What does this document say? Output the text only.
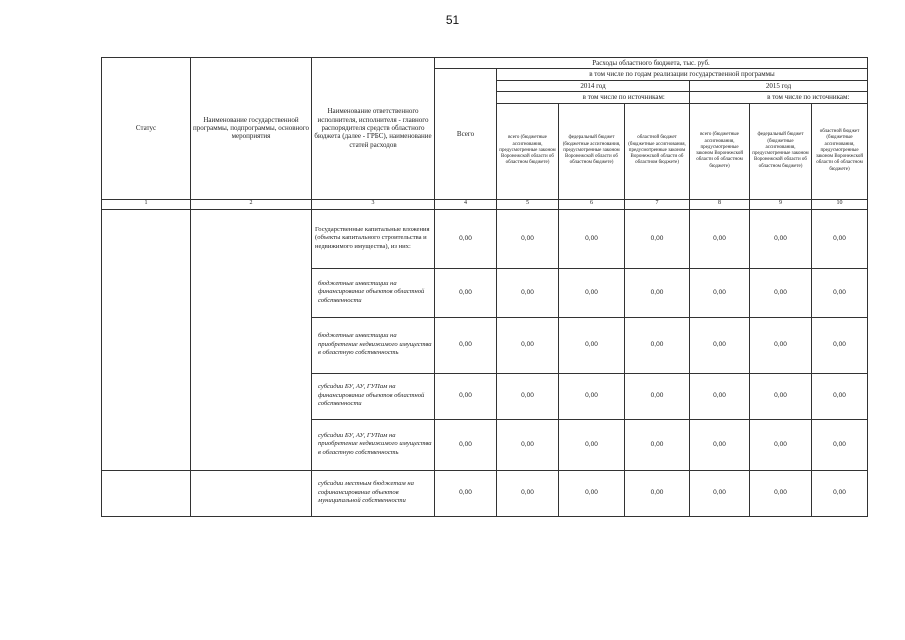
51
Статус	Наименование государственной программы, подпрограммы, основного мероприятия	Наименование ответственного исполнителя, исполнителя - главного распорядителя средств областного бюджета (далее - ГРБС), наименование статей расходов	Расходы областного бюджета, тыс. руб.						
			Всего	в том числе по годам реализации государственной программы					
				2014 год			2015 год		
					в том числе по источникам:			в том числе по источникам:	
				всего (бюджетные ассигнования, предусмотренные законом Воронежской области об областном бюджете)	федеральный бюджет (бюджетные ассигнования, предусмотренные законом Воронежской области об областном бюджете)	областной бюджет (бюджетные ассигнования, предусмотренные законом Воронежской области об областном бюджете)	всего (бюджетные ассигнования, предусмотренные законом Воронежской области об областном бюджете)	федеральный бюджет (бюджетные ассигнования, предусмотренные законом Воронежской области об областном бюджете)	областной бюджет (бюджетные ассигнования, предусмотренные законом Воронежской области об областном бюджете)
1	2	3	4	5	6	7	8	9	10
		Государственные капитальные вложения (объекты капитального строительства и недвижимого имущества), из них:	0,00	0,00	0,00	0,00	0,00	0,00	0,00
		бюджетные инвестиции на финансирование объектов областной собственности	0,00	0,00	0,00	0,00	0,00	0,00	0,00
		бюджетные инвестиции на приобретение недвижимого имущества в областную собственность	0,00	0,00	0,00	0,00	0,00	0,00	0,00
		субсидии БУ, АУ, ГУПам на финансирование объектов областной собственности	0,00	0,00	0,00	0,00	0,00	0,00	0,00
		субсидии БУ, АУ, ГУПам на приобретение недвижимого имущества в областную собственность	0,00	0,00	0,00	0,00	0,00	0,00	0,00
		субсидии местным бюджетам на софинансирование объектов муниципальной собственности	0,00	0,00	0,00	0,00	0,00	0,00	0,00
